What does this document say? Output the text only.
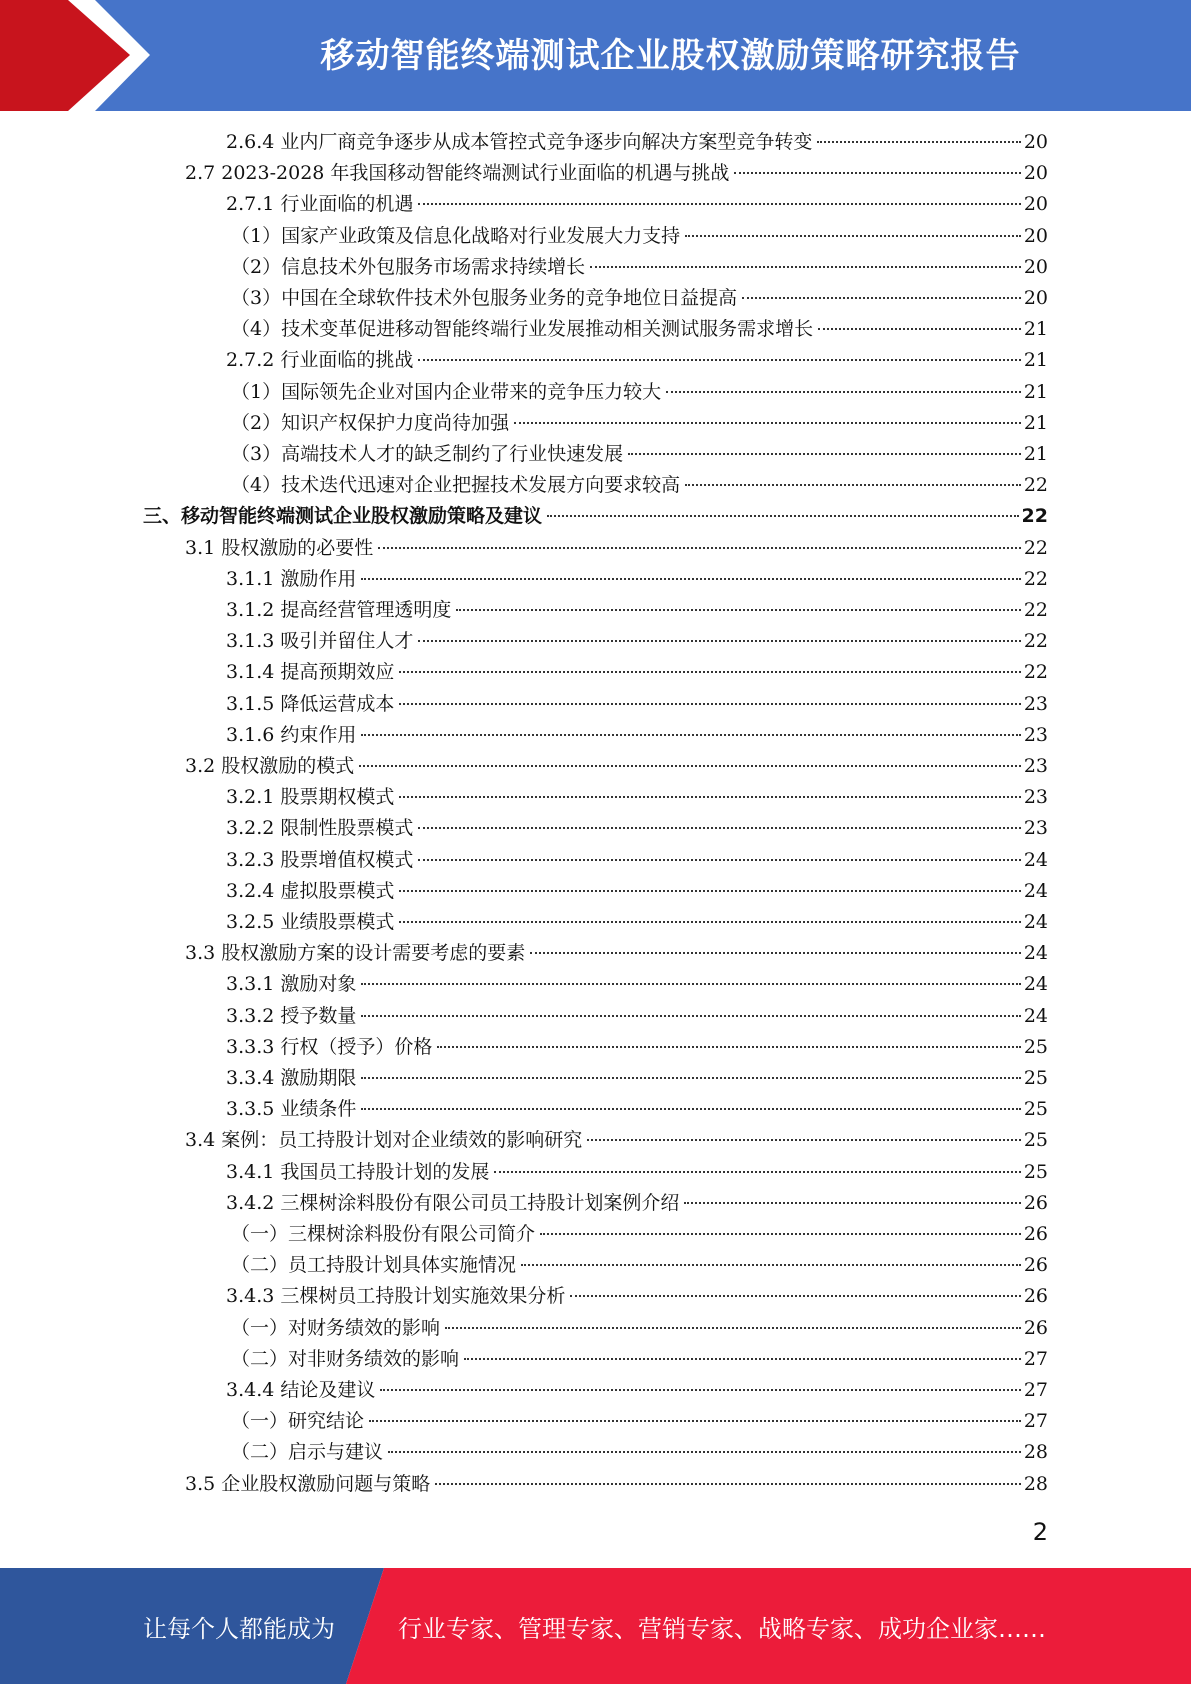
移动智能终端测试企业股权激励策略研究报告
2.6.4 业内厂商竞争逐步从成本管控式竞争逐步向解决方案型竞争转变	20
2.7 2023-2028 年我国移动智能终端测试行业面临的机遇与挑战	20
2.7.1 行业面临的机遇	20
（1）国家产业政策及信息化战略对行业发展大力支持	20
（2）信息技术外包服务市场需求持续增长	20
（3）中国在全球软件技术外包服务业务的竞争地位日益提高	20
（4）技术变革促进移动智能终端行业发展推动相关测试服务需求增长	21
2.7.2 行业面临的挑战	21
（1）国际领先企业对国内企业带来的竞争压力较大	21
（2）知识产权保护力度尚待加强	21
（3）高端技术人才的缺乏制约了行业快速发展	21
（4）技术迭代迅速对企业把握技术发展方向要求较高	22
三、移动智能终端测试企业股权激励策略及建议	22
3.1 股权激励的必要性	22
3.1.1 激励作用	22
3.1.2 提高经营管理透明度	22
3.1.3 吸引并留住人才	22
3.1.4 提高预期效应	22
3.1.5 降低运营成本	23
3.1.6 约束作用	23
3.2 股权激励的模式	23
3.2.1 股票期权模式	23
3.2.2 限制性股票模式	23
3.2.3 股票增值权模式	24
3.2.4 虚拟股票模式	24
3.2.5 业绩股票模式	24
3.3 股权激励方案的设计需要考虑的要素	24
3.3.1 激励对象	24
3.3.2 授予数量	24
3.3.3 行权（授予）价格	25
3.3.4 激励期限	25
3.3.5 业绩条件	25
3.4 案例：员工持股计划对企业绩效的影响研究	25
3.4.1 我国员工持股计划的发展	25
3.4.2 三棵树涂料股份有限公司员工持股计划案例介绍	26
（一）三棵树涂料股份有限公司简介	26
（二）员工持股计划具体实施情况	26
3.4.3 三棵树员工持股计划实施效果分析	26
（一）对财务绩效的影响	26
（二）对非财务绩效的影响	27
3.4.4 结论及建议	27
（一）研究结论	27
（二）启示与建议	28
3.5 企业股权激励问题与策略	28
2
让每个人都能成为	行业专家、管理专家、营销专家、战略专家、成功企业家……
